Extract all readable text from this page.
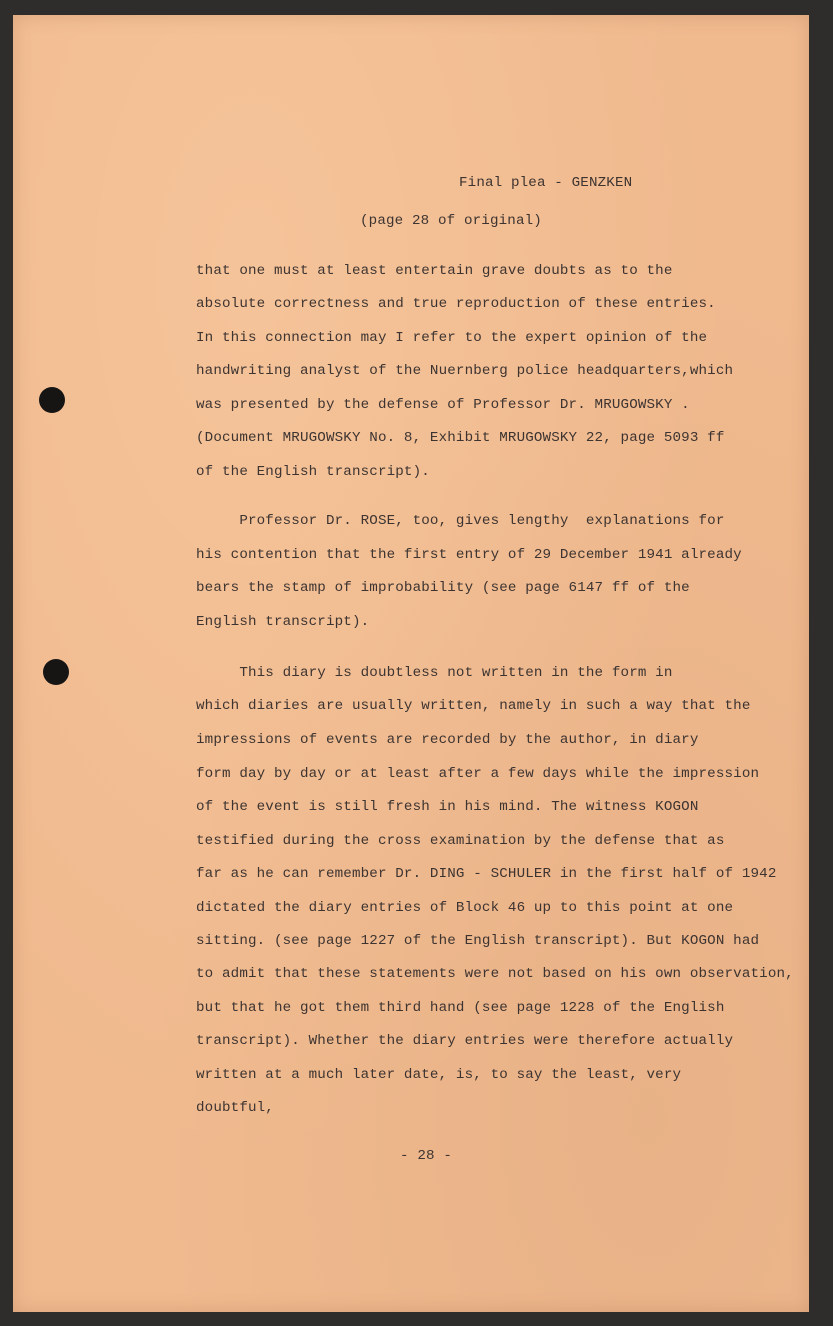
Final plea - GENZKEN
(page 28 of original)
that one must at least entertain grave doubts as to the
absolute correctness and true reproduction of these entries.
In this connection may I refer to the expert opinion of the
handwriting analyst of the Nuernberg police headquarters,which
was presented by the defense of Professor Dr. MRUGOWSKY .
(Document MRUGOWSKY No. 8, Exhibit MRUGOWSKY 22, page 5093 ff
of the English transcript).
Professor Dr. ROSE, too, gives lengthy  explanations for
his contention that the first entry of 29 December 1941 already
bears the stamp of improbability (see page 6147 ff of the
English transcript).
This diary is doubtless not written in the form in
which diaries are usually written, namely in such a way that the
impressions of events are recorded by the author, in diary
form day by day or at least after a few days while the impression
of the event is still fresh in his mind. The witness KOGON
testified during the cross examination by the defense that as
far as he can remember Dr. DING - SCHULER in the first half of 1942
dictated the diary entries of Block 46 up to this point at one
sitting. (see page 1227 of the English transcript). But KOGON had
to admit that these statements were not based on his own observation,
but that he got them third hand (see page 1228 of the English
transcript). Whether the diary entries were therefore actually
written at a much later date, is, to say the least, very
doubtful,
- 28 -
